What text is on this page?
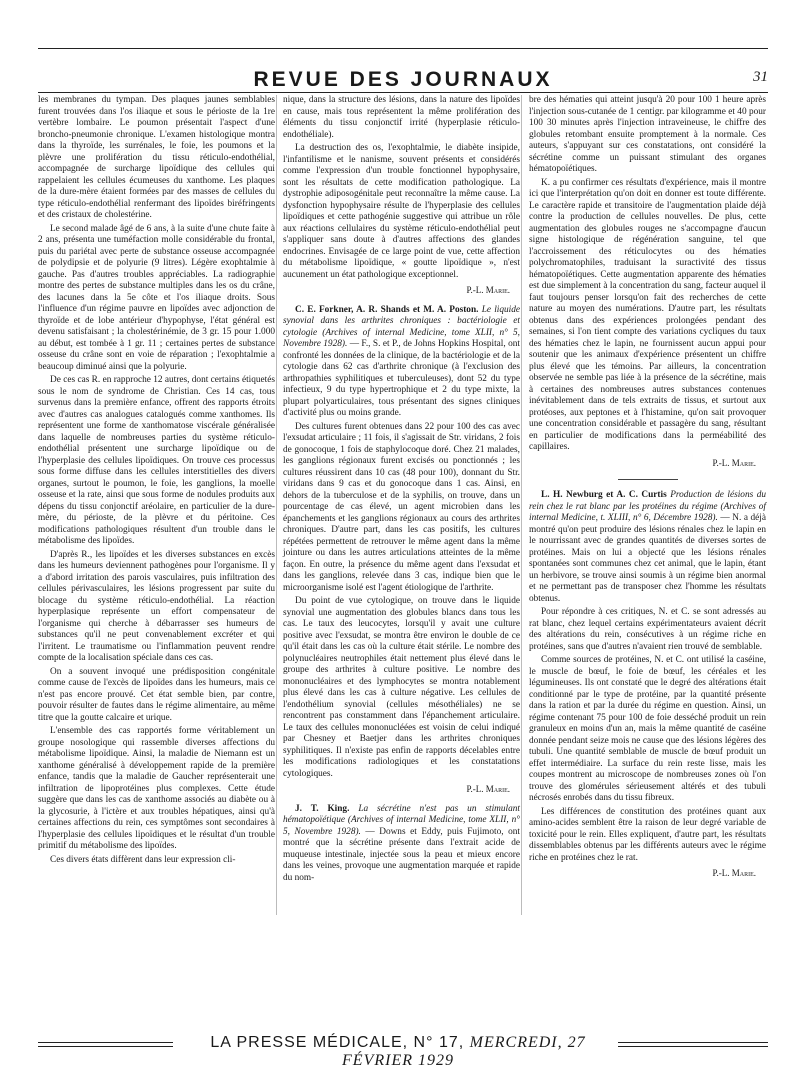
REVUE DES JOURNAUX	31

les membranes du tympan. Des plaques jaunes semblables furent trouvées dans l'os iliaque et sous le périoste de la 1re vertèbre lombaire. Le poumon présentait l'aspect d'une broncho-pneumonie chronique. L'examen histologique montra dans la thyroïde, les surrénales, le foie, les poumons et la plèvre une prolifération du tissu réticulo-endothélial, accompagnée de surcharge lipoïdique des cellules qui rappelaient les cellules écumeuses du xanthome. Les plaques de la dure-mère étaient formées par des masses de cellules du type réticulo-endothélial renfermant des lipoïdes biréfringents et des cristaux de cholestérine.

Le second malade âgé de 6 ans, à la suite d'une chute faite à 2 ans, présenta une tuméfaction molle considérable du frontal, puis du pariétal avec perte de substance osseuse accompagnée de polydipsie et de polyurie (9 litres). Légère exophtalmie à gauche. Pas d'autres troubles appréciables. La radiographie montre des pertes de substance multiples dans les os du crâne, des lacunes dans la 5e côte et l'os iliaque droits. Sous l'influence d'un régime pauvre en lipoïdes avec adjonction de thyroïde et de lobe antérieur d'hypophyse, l'état général est devenu satisfaisant ; la cholestérinémie, de 3 gr. 15 pour 1.000 au début, est tombée à 1 gr. 11 ; certaines pertes de substance osseuse du crâne sont en voie de réparation ; l'exophtalmie a beaucoup diminué ainsi que la polyurie.

De ces cas R. en rapproche 12 autres, dont certains étiquetés sous le nom de syndrome de Christian. Ces 14 cas, tous survenus dans la première enfance, offrent des rapports étroits avec d'autres cas analogues catalogués comme xanthomes. Ils représentent une forme de xanthomatose viscérale généralisée dans laquelle de nombreuses parties du système réticulo-endothélial présentent une surcharge lipoïdique ou de l'hyperplasie des cellules lipoïdiques. On trouve ces processus sous forme diffuse dans les cellules interstitielles des divers organes, surtout le poumon, le foie, les ganglions, la moelle osseuse et la rate, ainsi que sous forme de nodules produits aux dépens du tissu conjonctif aréolaire, en particulier de la dure-mère, du périoste, de la plèvre et du péritoine. Ces modifications pathologiques résultent d'un trouble dans le métabolisme des lipoïdes.

D'après R., les lipoïdes et les diverses substances en excès dans les humeurs deviennent pathogènes pour l'organisme. Il y a d'abord irritation des parois vasculaires, puis infiltration des cellules périvasculaires, les lésions progressent par suite du blocage du système réticulo-endothélial. La réaction hyperplasique représente un effort compensateur de l'organisme qui cherche à débarrasser ses humeurs de substances qu'il ne peut convenablement excréter et qui l'irritent. Le traumatisme ou l'inflammation peuvent rendre compte de la localisation spéciale dans ces cas.

On a souvent invoqué une prédisposition congénitale comme cause de l'excès de lipoïdes dans les humeurs, mais ce n'est pas encore prouvé. Cet état semble bien, par contre, pouvoir résulter de fautes dans le régime alimentaire, au même titre que la goutte calcaire et urique.

L'ensemble des cas rapportés forme véritablement un groupe nosologique qui rassemble diverses affections du métabolisme lipoïdique. Ainsi, la maladie de Niemann est un xanthome généralisé à développement rapide de la première enfance, tandis que la maladie de Gaucher représenterait une infiltration de lipoprotéines plus complexes. Cette étude suggère que dans les cas de xanthome associés au diabète ou à la glycosurie, à l'ictère et aux troubles hépatiques, ainsi qu'à certaines affections du rein, ces symptômes sont secondaires à l'hyperplasie des cellules lipoïdiques et le résultat d'un trouble primitif du métabolisme des lipoïdes.

Ces divers états diffèrent dans leur expression cli-

nique, dans la structure des lésions, dans la nature des lipoïdes en cause, mais tous représentent la même prolifération des éléments du tissu conjonctif irrité (hyperplasie réticulo-endothéliale).

La destruction des os, l'exophtalmie, le diabète insipide, l'infantilisme et le nanisme, souvent présents et considérés comme l'expression d'un trouble fonctionnel hypophysaire, sont les résultats de cette modification pathologique. La dystrophie adiposogénitale peut reconnaître la même cause. La dysfonction hypophysaire résulte de l'hyperplasie des cellules lipoïdiques et cette pathogénie suggestive qui attribue un rôle aux réactions cellulaires du système réticulo-endothélial peut s'appliquer sans doute à d'autres affections des glandes endocrines. Envisagée de ce large point de vue, cette affection du métabolisme lipoïdique, « goutte lipoïdique », n'est aucunement un état pathologique exceptionnel.

P.-L. Marie.

C. E. Forkner, A. R. Shands et M. A. Poston. Le liquide synovial dans les arthrites chroniques : bactériologie et cytologie (Archives of internal Medicine, tome XLII, n° 5, Novembre 1928). — F., S. et P., de Johns Hopkins Hospital, ont confronté les données de la clinique, de la bactériologie et de la cytologie dans 62 cas d'arthrite chronique (à l'exclusion des arthropathies syphilitiques et tuberculeuses), dont 52 du type infectieux, 9 du type hypertrophique et 2 du type mixte, la plupart polyarticulaires, tous présentant des signes cliniques d'activité plus ou moins grande.

Des cultures furent obtenues dans 22 pour 100 des cas avec l'exsudat articulaire ; 11 fois, il s'agissait de Str. viridans, 2 fois de gonocoque, 1 fois de staphylocoque doré. Chez 21 malades, les ganglions régionaux furent excisés ou ponctionnés ; les cultures réussirent dans 10 cas (48 pour 100), donnant du Str. viridans dans 9 cas et du gonocoque dans 1 cas. Ainsi, en dehors de la tuberculose et de la syphilis, on trouve, dans un pourcentage de cas élevé, un agent microbien dans les épanchements et les ganglions régionaux au cours des arthrites chroniques. D'autre part, dans les cas positifs, les cultures répétées permettent de retrouver le même agent dans la même jointure ou dans les autres articulations atteintes de la même façon. En outre, la présence du même agent dans l'exsudat et dans les ganglions, relevée dans 3 cas, indique bien que le microorganisme isolé est l'agent étiologique de l'arthrite.

Du point de vue cytologique, on trouve dans le liquide synovial une augmentation des globules blancs dans tous les cas. Le taux des leucocytes, lorsqu'il y avait une culture positive avec l'exsudat, se montra être environ le double de ce qu'il était dans les cas où la culture était stérile. Le nombre des polynucléaires neutrophiles était nettement plus élevé dans le groupe des arthrites à culture positive. Le nombre des mononucléaires et des lymphocytes se montra notablement plus élevé dans les cas à culture négative. Les cellules de l'endothélium synovial (cellules mésothéliales) ne se rencontrent pas constamment dans l'épanchement articulaire. Le taux des cellules mononucléées est voisin de celui indiqué par Chesney et Baetjer dans les arthrites chroniques syphilitiques. Il n'existe pas enfin de rapports décelables entre les modifications radiologiques et les constatations cytologiques.

P.-L. Marie.

J. T. King. La sécrétine n'est pas un stimulant hématopoïétique (Archives of internal Medicine, tome XLII, n° 5, Novembre 1928). — Downs et Eddy, puis Fujimoto, ont montré que la sécrétine présente dans l'extrait acide de muqueuse intestinale, injectée sous la peau et mieux encore dans les veines, provoque une augmentation marquée et rapide du nom-

bre des hématies qui atteint jusqu'à 20 pour 100 1 heure après l'injection sous-cutanée de 1 centigr. par kilogramme et 40 pour 100 30 minutes après l'injection intraveineuse, le chiffre des globules retombant ensuite promptement à la normale. Ces auteurs, s'appuyant sur ces constatations, ont considéré la sécrétine comme un puissant stimulant des organes hématopoïétiques.

K. a pu confirmer ces résultats d'expérience, mais il montre ici que l'interprétation qu'on doit en donner est toute différente. Le caractère rapide et transitoire de l'augmentation plaide déjà contre la production de cellules nouvelles. De plus, cette augmentation des globules rouges ne s'accompagne d'aucun signe histologique de régénération sanguine, tel que l'accroissement des réticulocytes ou des hématies polychromatophiles, traduisant la suractivité des tissus hématopoïétiques. Cette augmentation apparente des hématies est due simplement à la concentration du sang, facteur auquel il faut toujours penser lorsqu'on fait des recherches de cette nature au moyen des numérations. D'autre part, les résultats obtenus dans des expériences prolongées pendant des semaines, si l'on tient compte des variations cycliques du taux des hématies chez le lapin, ne fournissent aucun appui pour soutenir que les animaux d'expérience présentent un chiffre plus élevé que les témoins. Par ailleurs, la concentration observée ne semble pas liée à la présence de la sécrétine, mais à certaines des nombreuses autres substances contenues inévitablement dans de tels extraits de tissus, et surtout aux protéoses, aux peptones et à l'histamine, qu'on sait provoquer une concentration considérable et passagère du sang, résultant en particulier de modifications dans la perméabilité des capillaires.

P.-L. Marie.

L. H. Newburg et A. C. Curtis Production de lésions du rein chez le rat blanc par les protéines du régime (Archives of internal Medicine, t. XLIII, n° 6, Décembre 1928). — N. a déjà montré qu'on peut produire des lésions rénales chez le lapin en le nourrissant avec de grandes quantités de diverses sortes de protéines. Mais on lui a objecté que les lésions rénales spontanées sont communes chez cet animal, que le lapin, étant un herbivore, se trouve ainsi soumis à un régime bien anormal et ne permettant pas de transposer chez l'homme les résultats obtenus.

Pour répondre à ces critiques, N. et C. se sont adressés au rat blanc, chez lequel certains expérimentateurs avaient décrit des altérations du rein, consécutives à un régime riche en protéines, sans que d'autres n'avaient rien trouvé de semblable.

Comme sources de protéines, N. et C. ont utilisé la caséine, le muscle de bœuf, le foie de bœuf, les céréales et les légumineuses. Ils ont constaté que le degré des altérations était conditionné par le type de protéine, par la quantité présente dans la ration et par la durée du régime en question. Ainsi, un régime contenant 75 pour 100 de foie desséché produit un rein granuleux en moins d'un an, mais la même quantité de caséine donnée pendant seize mois ne cause que des lésions légères des tubuli. Une quantité semblable de muscle de bœuf produit un effet intermédiaire. La surface du rein reste lisse, mais les coupes montrent au microscope de nombreuses zones où l'on trouve des glomérules sérieusement altérés et des tubuli nécrosés enrobés dans du tissu fibreux.

Les différences de constitution des protéines quant aux amino-acides semblent être la raison de leur degré variable de toxicité pour le rein. Elles expliquent, d'autre part, les résultats dissemblables obtenus par les différents auteurs avec le régime riche en protéines chez le rat.

P.-L. Marie.
LA PRESSE MÉDICALE, N° 17, MERCREDI, 27 FÉVRIER 1929
